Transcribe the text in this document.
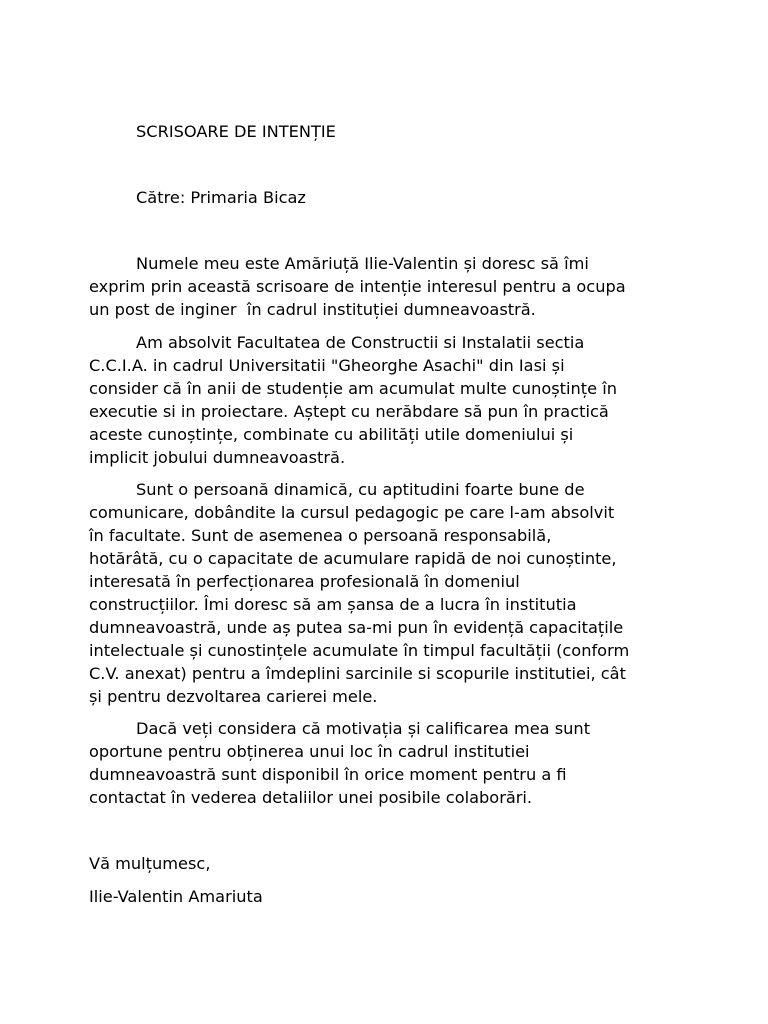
SCRISOARE DE INTENȚIE

Către: Primaria Bicaz

Numele meu este Amăriuță Ilie-Valentin și doresc să îmi

exprim prin această scrisoare de intenție interesul pentru a ocupa

un post de inginer  în cadrul instituției dumneavoastră.

Am absolvit Facultatea de Constructii si Instalatii sectia

C.C.I.A. in cadrul Universitatii "Gheorghe Asachi" din Iasi și

consider că în anii de studenție am acumulat multe cunoștințe în

executie si in proiectare. Aștept cu nerăbdare să pun în practică

aceste cunoștințe, combinate cu abilități utile domeniului și

implicit jobului dumneavoastră.

Sunt o persoană dinamică, cu aptitudini foarte bune de

comunicare, dobândite la cursul pedagogic pe care l-am absolvit

în facultate. Sunt de asemenea o persoană responsabilă,

hotărâtă, cu o capacitate de acumulare rapidă de noi cunoștinte,

interesată în perfecționarea profesională în domeniul

construcțiilor. Îmi doresc să am șansa de a lucra în institutia

dumneavoastră, unde aș putea sa-mi pun în evidență capacitațile

intelectuale și cunostințele acumulate în timpul facultății (conform

C.V. anexat) pentru a îmdeplini sarcinile si scopurile institutiei, cât

și pentru dezvoltarea carierei mele.

Dacă veți considera că motivația și calificarea mea sunt

oportune pentru obținerea unui loc în cadrul institutiei

dumneavoastră sunt disponibil în orice moment pentru a fi

contactat în vederea detaliilor unei posibile colaborări.

Vă mulțumesc,

Ilie-Valentin Amariuta
